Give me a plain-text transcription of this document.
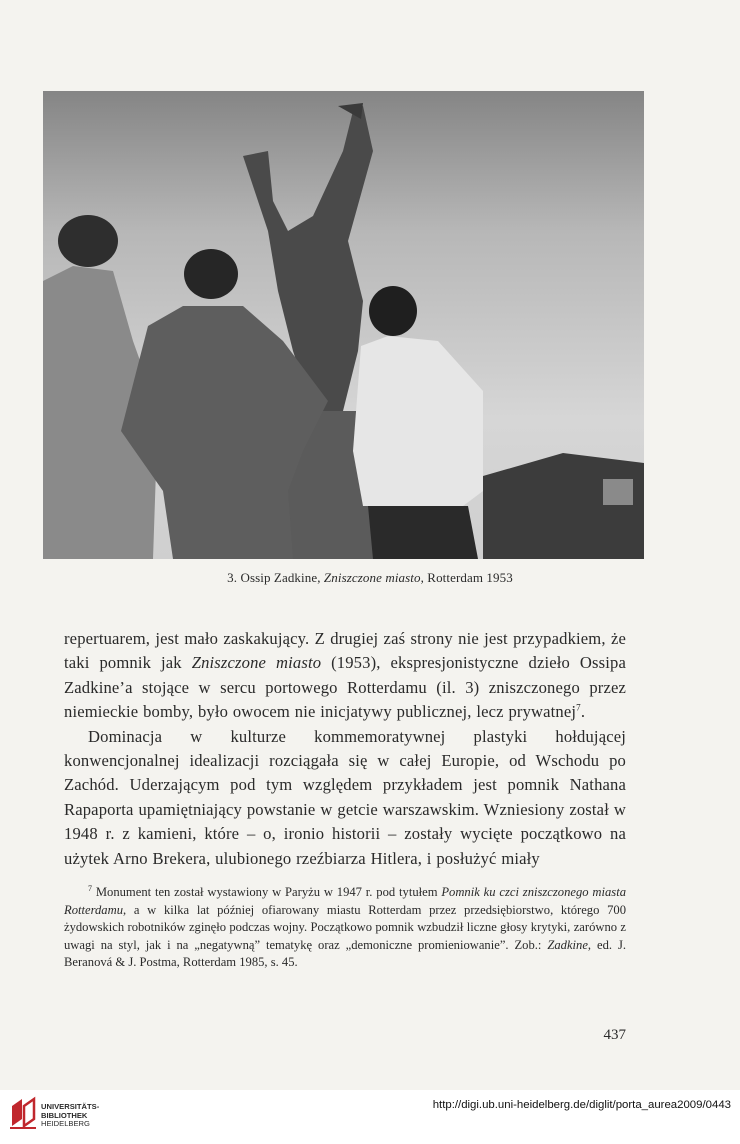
3. Ossip Zadkine, Zniszczone miasto, Rotterdam 1953

repertuarem, jest mało zaskakujący. Z drugiej zaś strony nie jest przypadkiem, że taki pomnik jak Zniszczone miasto (1953), ekspresjonistyczne dzieło Ossipa Zadkine’a stojące w sercu portowego Rotterdamu (il. 3) zniszczonego przez niemieckie bomby, było owocem nie inicjatywy publicznej, lecz prywatnej$^7$.

Dominacja w kulturze kommemoratywnej plastyki hołdującej konwencjonalnej idealizacji rozciągała się w całej Europie, od Wschodu po Zachód. Uderzającym pod tym względem przykładem jest pomnik Nathana Rapaporta upamiętniający powstanie w getcie warszawskim. Wzniesiony został w 1948 r. z kamieni, które – o, ironio historii – zostały wycięte początkowo na użytek Arno Brekera, ulubionego rzeźbiarza Hitlera, i posłużyć miały

$^7$ Monument ten został wystawiony w Paryżu w 1947 r. pod tytułem Pomnik ku czci zniszczonego miasta Rotterdamu, a w kilka lat później ofiarowany miastu Rotterdam przez przedsiębiorstwo, którego 700 żydowskich robotników zginęło podczas wojny. Początkowo pomnik wzbudził liczne głosy krytyki, zarówno z uwagi na styl, jak i na „negatywną” tematykę oraz „demoniczne promieniowanie”. Zob.: Zadkine, ed. J. Beranová & J. Postma, Rotterdam 1985, s. 45.

437
UNIVERSITÄTS-
BIBLIOTHEK
HEIDELBERG
http://digi.ub.uni-heidelberg.de/diglit/porta_aurea2009/0443
